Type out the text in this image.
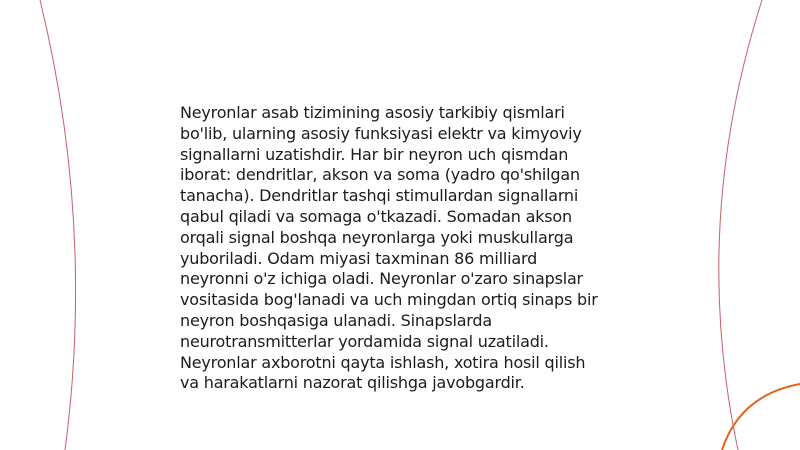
Neyronlar asab tizimining asosiy tarkibiy qismlari
bo'lib, ularning asosiy funksiyasi elektr va kimyoviy
signallarni uzatishdir. Har bir neyron uch qismdan
iborat: dendritlar, akson va soma (yadro qo'shilgan
tanacha). Dendritlar tashqi stimullardan signallarni
qabul qiladi va somaga o'tkazadi. Somadan akson
orqali signal boshqa neyronlarga yoki muskullarga
yuboriladi. Odam miyasi taxminan 86 milliard
neyronni o'z ichiga oladi. Neyronlar o'zaro sinapslar
vositasida bog'lanadi va uch mingdan ortiq sinaps bir
neyron boshqasiga ulanadi. Sinapslarda
neurotransmitterlar yordamida signal uzatiladi.
Neyronlar axborotni qayta ishlash, xotira hosil qilish
va harakatlarni nazorat qilishga javobgardir.
